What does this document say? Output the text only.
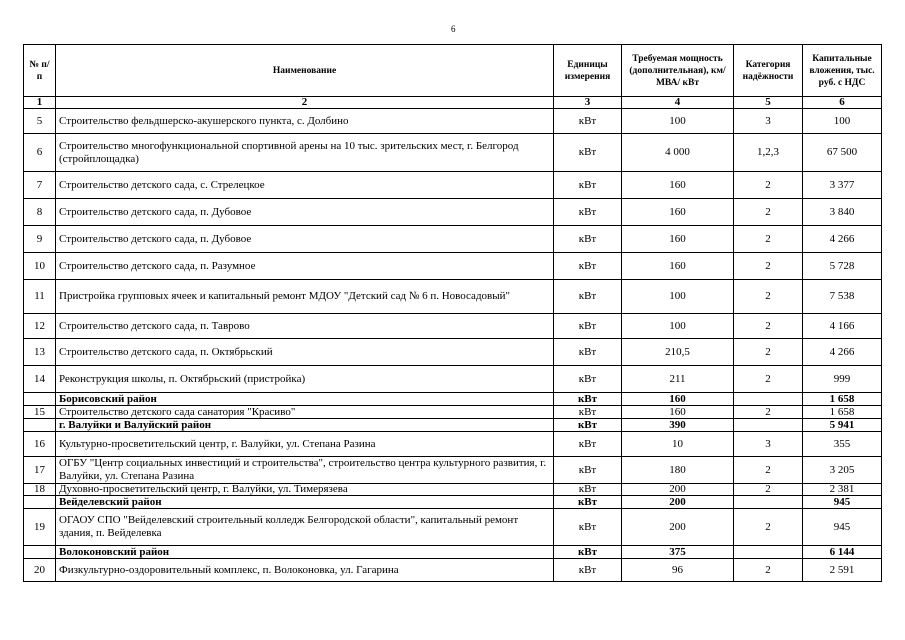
6
№ п/п	Наименование	Единицы измерения	Требуемая мощность (дополнительная), км/ МВА/ кВт	Категория надёжности	Капитальные вложения, тыс. руб. с НДС
1	2	3	4	5	6
5	Строительство фельдшерско-акушерского пункта, с. Долбино	кВт	100	3	100
6	Строительство многофункциональной спортивной арены на 10 тыс. зрительских мест, г. Белгород (стройплощадка)	кВт	4 000	1,2,3	67 500
7	Строительство детского сада, с. Стрелецкое	кВт	160	2	3 377
8	Строительство детского сада, п. Дубовое	кВт	160	2	3 840
9	Строительство детского сада, п. Дубовое	кВт	160	2	4 266
10	Строительство детского сада, п. Разумное	кВт	160	2	5 728
11	Пристройка групповых ячеек и капитальный ремонт МДОУ "Детский сад № 6 п. Новосадовый"	кВт	100	2	7 538
12	Строительство детского сада, п. Таврово	кВт	100	2	4 166
13	Строительство детского сада, п. Октябрьский	кВт	210,5	2	4 266
14	Реконструкция школы, п. Октябрьский (пристройка)	кВт	211	2	999
	Борисовский район	кВт	160		1 658
15	Строительство детского сада санатория "Красиво"	кВт	160	2	1 658
	г. Валуйки и Валуйский район	кВт	390		5 941
16	Культурно-просветительский центр, г. Валуйки, ул. Степана Разина	кВт	10	3	355
17	ОГБУ "Центр социальных инвестиций и строительства", строительство центра культурного развития, г. Валуйки, ул. Степана Разина	кВт	180	2	3 205
18	Духовно-просветительский центр, г. Валуйки, ул. Тимерязева	кВт	200	2	2 381
	Вейделевский район	кВт	200		945
19	ОГАОУ СПО "Вейделевский строительный колледж Белгородской области", капитальный ремонт здания, п. Вейделевка	кВт	200	2	945
	Волоконовский район	кВт	375		6 144
20	Физкультурно-оздоровительный комплекс, п. Волоконовка, ул. Гагарина	кВт	96	2	2 591
